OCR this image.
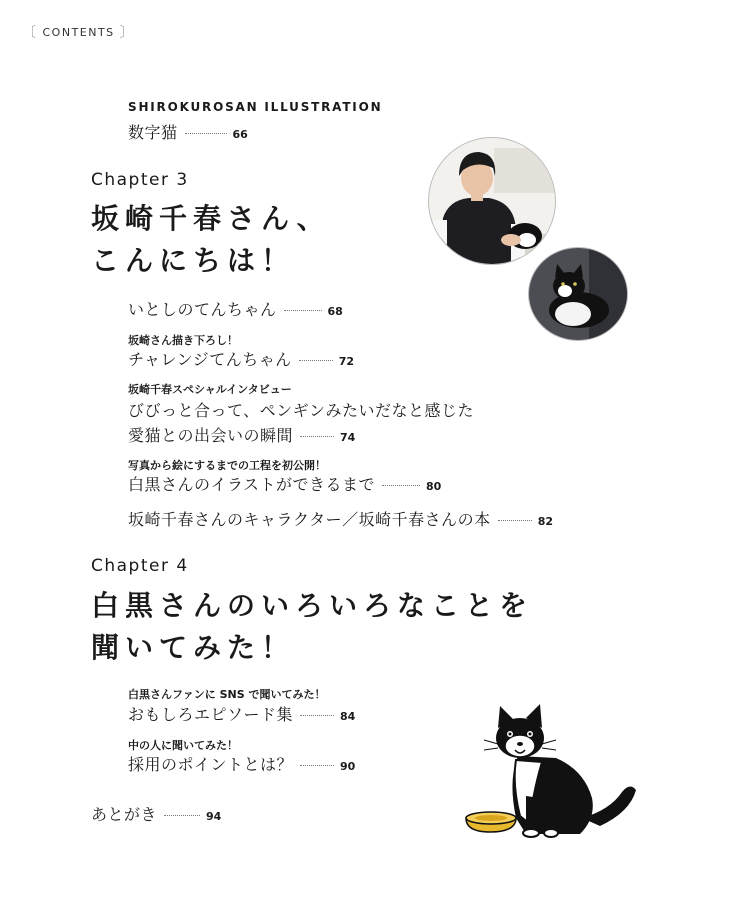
〔 CONTENTS 〕
SHIROKUROSAN ILLUSTRATION
数字猫	66
Chapter 3
坂崎千春さん、
こんにちは！
いとしのてんちゃん	68
坂崎さん描き下ろし！
チャレンジてんちゃん	72
坂崎千春スペシャルインタビュー
びびっと合って、ペンギンみたいだなと感じた
愛猫との出会いの瞬間	74
写真から絵にするまでの工程を初公開！
白黒さんのイラストができるまで	80
坂崎千春さんのキャラクター／坂崎千春さんの本	82
Chapter 4
白黒さんのいろいろなことを
聞いてみた！
白黒さんファンに SNS で聞いてみた！
おもしろエピソード集	84
中の人に聞いてみた！
採用のポイントとは？	90
あとがき	94
